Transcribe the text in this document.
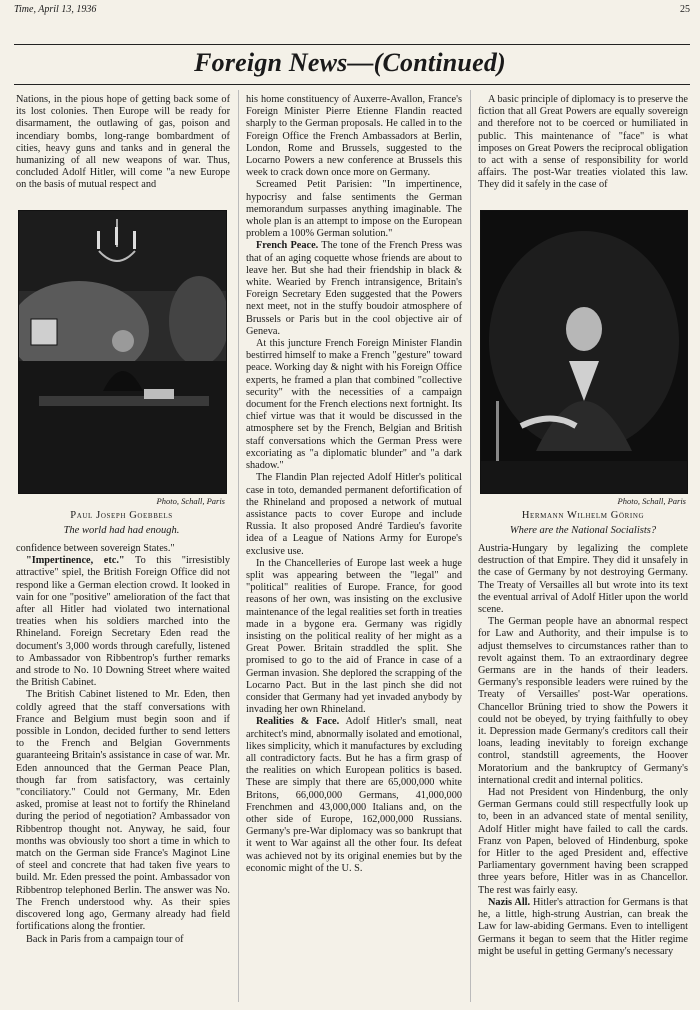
Time, April 13, 1936	25
Foreign News—(Continued)

Nations, in the pious hope of getting back some of its lost colonies. Then Europe will be ready for disarmament, the outlawing of gas, poison and incendiary bombs, long-range bombardment of cities, heavy guns and tanks and in general the humanizing of all new weapons of war. Thus, concluded Adolf Hitler, will come "a new Europe on the basis of mutual respect and

Photo, Schall, Paris
Paul Joseph Goebbels
The world had had enough.

confidence between sovereign States."

"Impertinence, etc." To this "irresistibly attractive" spiel, the British Foreign Office did not respond like a German election crowd. It looked in vain for one "positive" amelioration of the fact that after all Hitler had violated two international treaties when his soldiers marched into the Rhineland. Foreign Secretary Eden read the document's 3,000 words through carefully, listened to Ambassador von Ribbentrop's further remarks and strode to No. 10 Downing Street where waited the British Cabinet.

The British Cabinet listened to Mr. Eden, then coldly agreed that the staff conversations with France and Belgium must begin soon and if possible in London, decided further to send letters to the French and Belgian Governments guaranteeing Britain's assistance in case of war. Mr. Eden announced that the German Peace Plan, though far from satisfactory, was certainly "conciliatory." Could not Germany, Mr. Eden asked, promise at least not to fortify the Rhineland during the period of negotiation? Ambassador von Ribbentrop thought not. Anyway, he said, four months was obviously too short a time in which to match on the German side France's Maginot Line of steel and concrete that had taken five years to build. Mr. Eden pressed the point. Ambassador von Ribbentrop telephoned Berlin. The answer was No. The French understood why. As their spies discovered long ago, Germany already had field fortifications along the frontier.

Back in Paris from a campaign tour of

his home constituency of Auxerre-Avallon, France's Foreign Minister Pierre Etienne Flandin reacted sharply to the German proposals. He called in to the Foreign Office the French Ambassadors at Berlin, London, Rome and Brussels, suggested to the Locarno Powers a new conference at Brussels this week to crack down once more on Germany.

Screamed Petit Parisien: "In impertinence, hypocrisy and false sentiments the German memorandum surpasses anything imaginable. The whole plan is an attempt to impose on the European problem a 100% German solution."

French Peace. The tone of the French Press was that of an aging coquette whose friends are about to leave her. But she had their friendship in black & white. Wearied by French intransigence, Britain's Foreign Secretary Eden suggested that the Powers next meet, not in the stuffy boudoir atmosphere of Brussels or Paris but in the cool objective air of Geneva.

At this juncture French Foreign Minister Flandin bestirred himself to make a French "gesture" toward peace. Working day & night with his Foreign Office experts, he framed a plan that combined "collective security" with the necessities of a campaign document for the French elections next fortnight. Its chief virtue was that it would be discussed in the atmosphere set by the French, Belgian and British staff conversations which the German Press were excoriating as "a diplomatic blunder" and "a dark shadow."

The Flandin Plan rejected Adolf Hitler's political case in toto, demanded permanent defortification of the Rhineland and proposed a network of mutual assistance pacts to cover Europe and include Russia. It also proposed André Tardieu's favorite idea of a League of Nations Army for Europe's exclusive use.

In the Chancelleries of Europe last week a huge split was appearing between the "legal" and "political" realities of Europe. France, for good reasons of her own, was insisting on the exclusive maintenance of the legal realities set forth in treaties made in a bygone era. Germany was rigidly insisting on the political reality of her might as a Great Power. Britain straddled the split. She promised to go to the aid of France in case of a German invasion. She deplored the scrapping of the Locarno Pact. But in the last pinch she did not consider that Germany had yet invaded anybody by invading her own Rhineland.

Realities & Face. Adolf Hitler's small, neat architect's mind, abnormally isolated and emotional, likes simplicity, which it manufactures by excluding all contradictory facts. But he has a firm grasp of the realities on which European politics is based. These are simply that there are 65,000,000 white Britons, 66,000,000 Germans, 41,000,000 Frenchmen and 43,000,000 Italians and, on the other side of Europe, 162,000,000 Russians. Germany's pre-War diplomacy was so bankrupt that it went to War against all the other four. Its defeat was achieved not by its original enemies but by the economic might of the U. S.

A basic principle of diplomacy is to preserve the fiction that all Great Powers are equally sovereign and therefore not to be coerced or humiliated in public. This maintenance of "face" is what imposes on Great Powers the reciprocal obligation to act with a sense of responsibility for world affairs. The post-War treaties violated this law. They did it safely in the case of

Photo, Schall, Paris
Hermann Wilhelm Göring
Where are the National Socialists?

Austria-Hungary by legalizing the complete destruction of that Empire. They did it unsafely in the case of Germany by not destroying Germany. The Treaty of Versailles all but wrote into its text the eventual arrival of Adolf Hitler upon the world scene.

The German people have an abnormal respect for Law and Authority, and their impulse is to adjust themselves to circumstances rather than to revolt against them. To an extraordinary degree Germans are in the hands of their leaders. Germany's responsible leaders were ruined by the Treaty of Versailles' post-War operations. Chancellor Brüning tried to show the Powers it could not be obeyed, by trying faithfully to obey it. Depression made Germany's creditors call their loans, leading inevitably to foreign exchange control, standstill agreements, the Hoover Moratorium and the bankruptcy of Germany's international credit and internal politics.

Had not President von Hindenburg, the only German Germans could still respectfully look up to, been in an advanced state of mental senility, Adolf Hitler might have failed to call the cards. Franz von Papen, beloved of Hindenburg, spoke for Hitler to the aged President and, effective Parliamentary government having been scrapped three years before, Hitler was in as Chancellor. The rest was fairly easy.

Nazis All. Hitler's attraction for Germans is that he, a little, high-strung Austrian, can break the Law for law-abiding Germans. Even to intelligent Germans it began to seem that the Hitler regime might be useful in getting Germany's necessary
